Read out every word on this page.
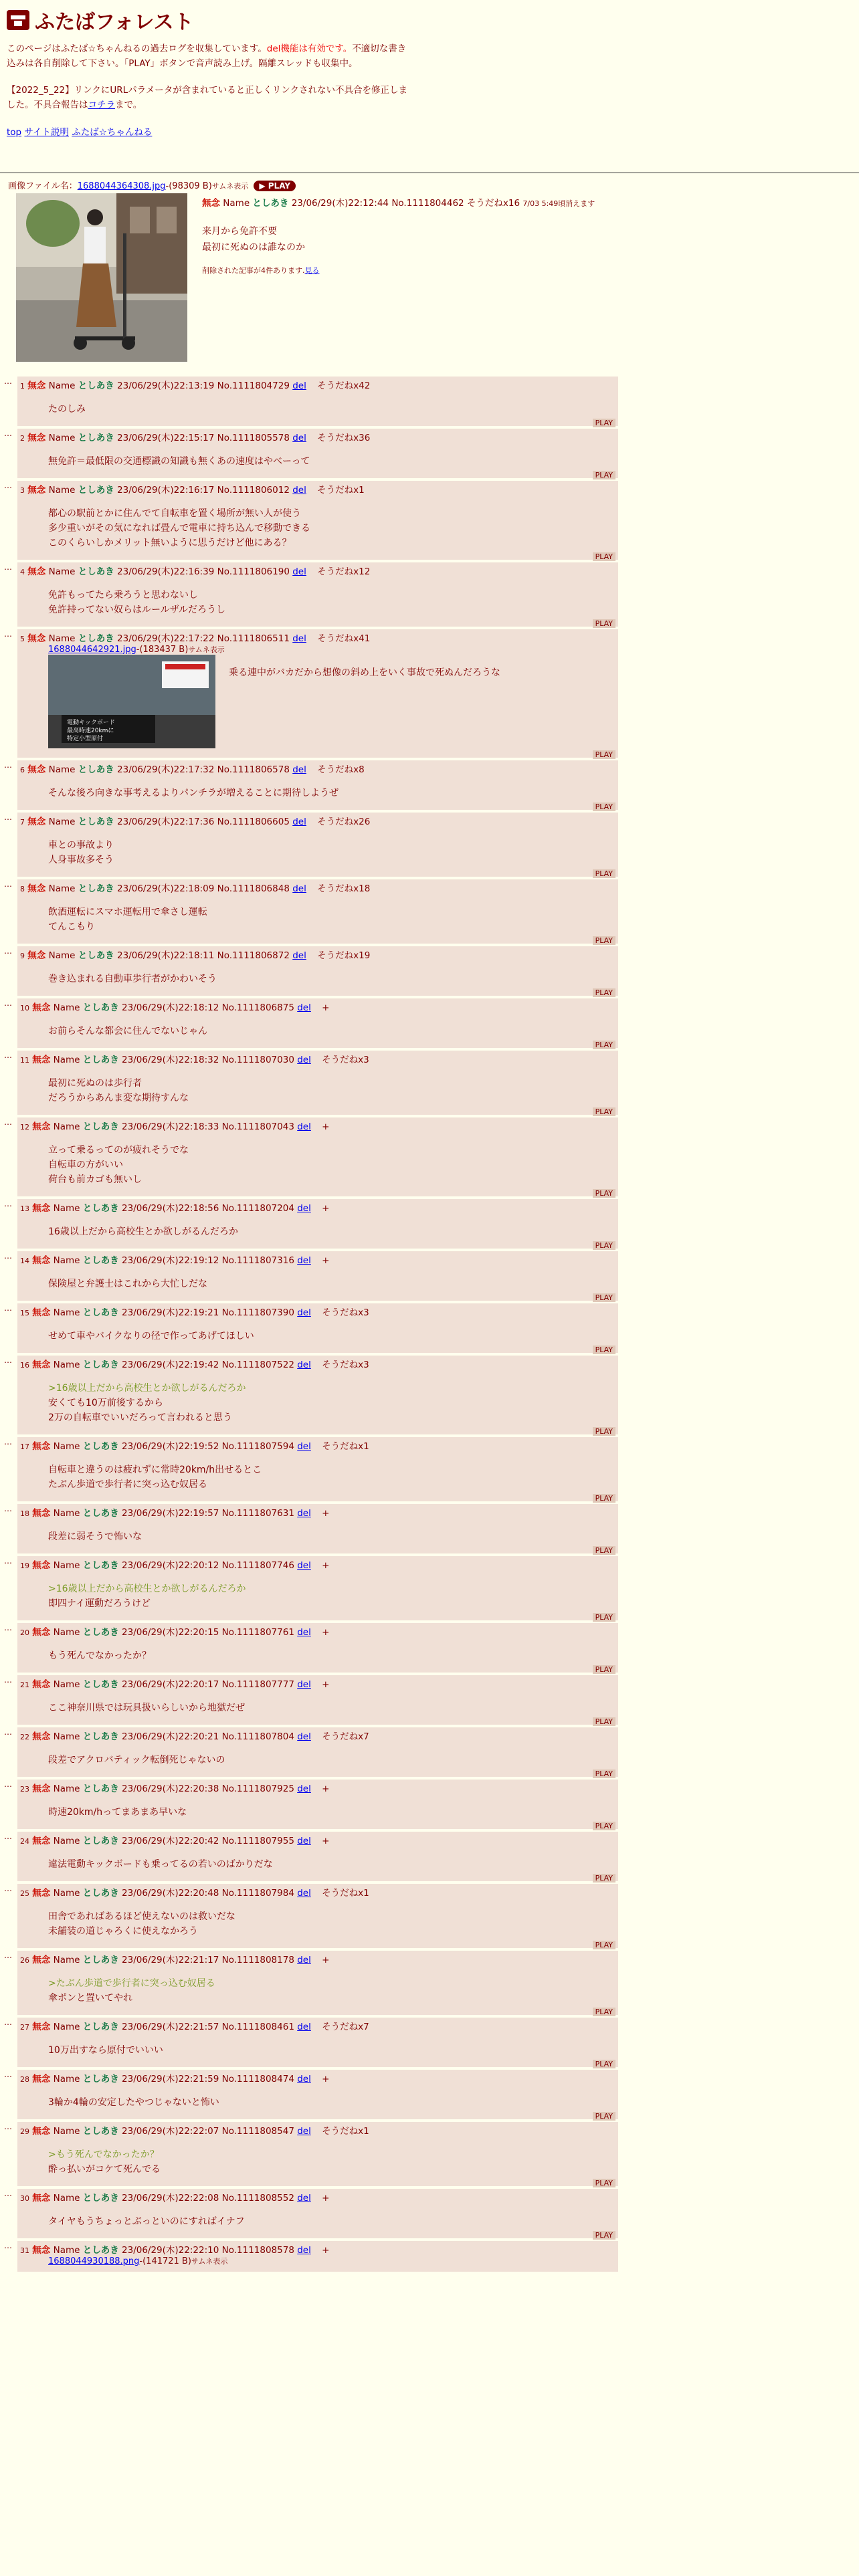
ふたばフォレスト
このページはふたば☆ちゃんねるの過去ログを収集しています。del機能は有効です。不適切な書き込みは各自削除して下さい。「PLAY」ボタンで音声読み上げ。隔離スレッドも収集中。
【2022_5_22】リンクにURLパラメータが含まれていると正しくリンクされない不具合を修正しました。不具合報告はコチラまで。
top サイト説明 ふたば☆ちゃんねる
画像ファイル名：1688044364308.jpg-(98309 B)サムネ表示 ▶ PLAY
無念 Name としあき 23/06/29(木)22:12:44 No.1111804462 そうだねx16 7/03 5:49頃消えます
来月から免許不要
最初に死ぬのは誰なのか
削除された記事が4件あります.見る
…
1 無念 Name としあき 23/06/29(木)22:13:19 No.1111804729 del そうだねx42
たのしみ
PLAY
…
2 無念 Name としあき 23/06/29(木)22:15:17 No.1111805578 del そうだねx36
無免許＝最低限の交通標識の知識も無くあの速度はやべーって
PLAY
…
3 無念 Name としあき 23/06/29(木)22:16:17 No.1111806012 del そうだねx1
都心の駅前とかに住んでて自転車を置く場所が無い人が使う
多少重いがその気になれば畳んで電車に持ち込んで移動できる
このくらいしかメリット無いように思うだけど他にある？
PLAY
…
4 無念 Name としあき 23/06/29(木)22:16:39 No.1111806190 del そうだねx12
免許もってたら乗ろうと思わないし
免許持ってない奴らはルールザルだろうし
PLAY
…
5 無念 Name としあき 23/06/29(木)22:17:22 No.1111806511 del そうだねx41
1688044642921.jpg-(183437 B)サムネ表示
電動キックボード
最高時速20kmに
特定小型原付
乗る連中がバカだから想像の斜め上をいく事故で死ぬんだろうな
PLAY
…
6 無念 Name としあき 23/06/29(木)22:17:32 No.1111806578 del そうだねx8
そんな後ろ向きな事考えるよりパンチラが増えることに期待しようぜ
PLAY
…
7 無念 Name としあき 23/06/29(木)22:17:36 No.1111806605 del そうだねx26
車との事故より
人身事故多そう
PLAY
…
8 無念 Name としあき 23/06/29(木)22:18:09 No.1111806848 del そうだねx18
飲酒運転にスマホ運転用で傘さし運転
てんこもり
PLAY
…
9 無念 Name としあき 23/06/29(木)22:18:11 No.1111806872 del そうだねx19
巻き込まれる自動車歩行者がかわいそう
PLAY
…
10 無念 Name としあき 23/06/29(木)22:18:12 No.1111806875 del +
お前らそんな都会に住んでないじゃん
PLAY
…
11 無念 Name としあき 23/06/29(木)22:18:32 No.1111807030 del そうだねx3
最初に死ぬのは歩行者
だろうからあんま変な期待すんな
PLAY
…
12 無念 Name としあき 23/06/29(木)22:18:33 No.1111807043 del +
立って乗るってのが疲れそうでな
自転車の方がいい
荷台も前カゴも無いし
PLAY
…
13 無念 Name としあき 23/06/29(木)22:18:56 No.1111807204 del +
16歳以上だから高校生とか欲しがるんだろか
PLAY
…
14 無念 Name としあき 23/06/29(木)22:19:12 No.1111807316 del +
保険屋と弁護士はこれから大忙しだな
PLAY
…
15 無念 Name としあき 23/06/29(木)22:19:21 No.1111807390 del そうだねx3
せめて車やバイクなりの径で作ってあげてほしい
PLAY
…
16 無念 Name としあき 23/06/29(木)22:19:42 No.1111807522 del そうだねx3
>16歳以上だから高校生とか欲しがるんだろか
安くても10万前後するから
2万の自転車でいいだろって言われると思う
PLAY
…
17 無念 Name としあき 23/06/29(木)22:19:52 No.1111807594 del そうだねx1
自転車と違うのは疲れずに常時20km/h出せるとこ
たぶん歩道で歩行者に突っ込む奴居る
PLAY
…
18 無念 Name としあき 23/06/29(木)22:19:57 No.1111807631 del +
段差に弱そうで怖いな
PLAY
…
19 無念 Name としあき 23/06/29(木)22:20:12 No.1111807746 del +
>16歳以上だから高校生とか欲しがるんだろか
即四ナイ運動だろうけど
PLAY
…
20 無念 Name としあき 23/06/29(木)22:20:15 No.1111807761 del +
もう死んでなかったか？
PLAY
…
21 無念 Name としあき 23/06/29(木)22:20:17 No.1111807777 del +
ここ神奈川県では玩具扱いらしいから地獄だぜ
PLAY
…
22 無念 Name としあき 23/06/29(木)22:20:21 No.1111807804 del そうだねx7
段差でアクロバティック転倒死じゃないの
PLAY
…
23 無念 Name としあき 23/06/29(木)22:20:38 No.1111807925 del +
時速20km/hってまあまあ早いな
PLAY
…
24 無念 Name としあき 23/06/29(木)22:20:42 No.1111807955 del +
違法電動キックボードも乗ってるの若いのばかりだな
PLAY
…
25 無念 Name としあき 23/06/29(木)22:20:48 No.1111807984 del そうだねx1
田舎であればあるほど使えないのは救いだな
未舗装の道じゃろくに使えなかろう
PLAY
…
26 無念 Name としあき 23/06/29(木)22:21:17 No.1111808178 del +
>たぶん歩道で歩行者に突っ込む奴居る
傘ポンと置いてやれ
PLAY
…
27 無念 Name としあき 23/06/29(木)22:21:57 No.1111808461 del そうだねx7
10万出すなら原付でいいい
PLAY
…
28 無念 Name としあき 23/06/29(木)22:21:59 No.1111808474 del +
3輪か4輪の安定したやつじゃないと怖い
PLAY
…
29 無念 Name としあき 23/06/29(木)22:22:07 No.1111808547 del そうだねx1
>もう死んでなかったか？
酔っ払いがコケて死んでる
PLAY
…
30 無念 Name としあき 23/06/29(木)22:22:08 No.1111808552 del +
タイヤもうちょっとぶっといのにすればイナフ
PLAY
…
31 無念 Name としあき 23/06/29(木)22:22:10 No.1111808578 del +
1688044930188.png-(141721 B)サムネ表示
